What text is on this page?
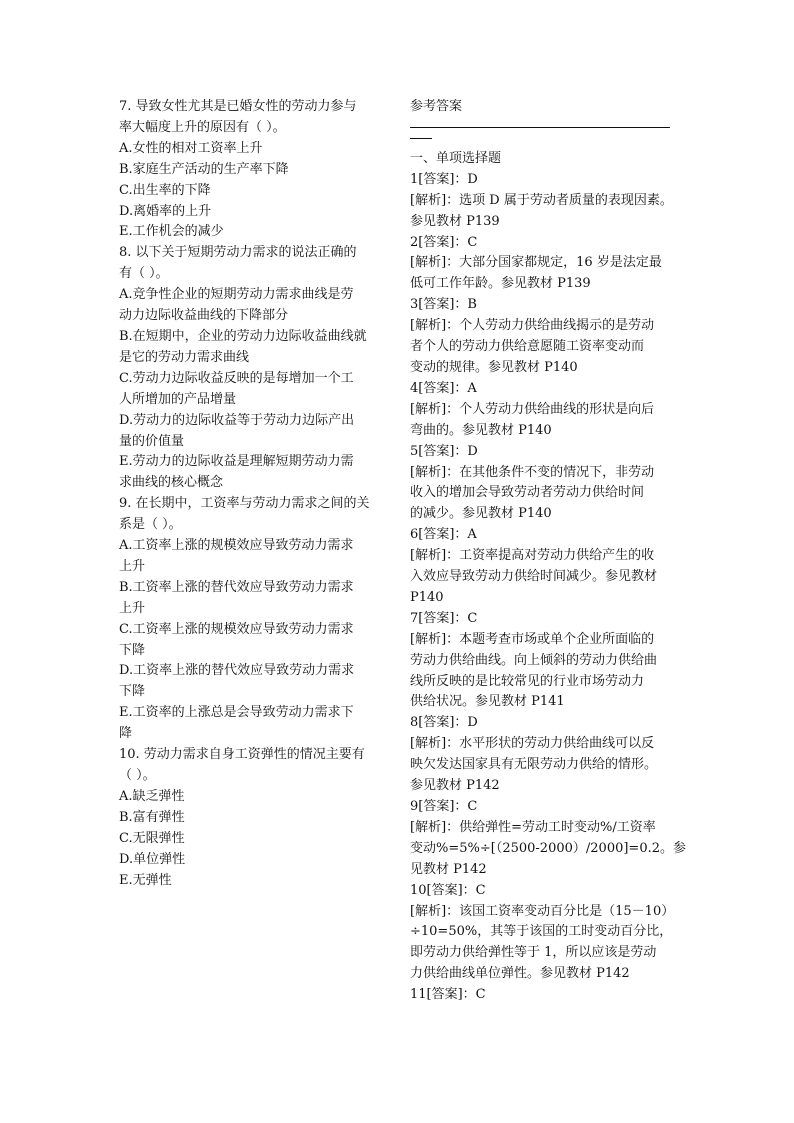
7. 导致女性尤其是已婚女性的劳动力参与
率大幅度上升的原因有（ ）。
A.女性的相对工资率上升
B.家庭生产活动的生产率下降
C.出生率的下降
D.离婚率的上升
E.工作机会的减少
8. 以下关于短期劳动力需求的说法正确的
有（ ）。
A.竞争性企业的短期劳动力需求曲线是劳
动力边际收益曲线的下降部分
B.在短期中，企业的劳动力边际收益曲线就
是它的劳动力需求曲线
C.劳动力边际收益反映的是每增加一个工
人所增加的产品增量
D.劳动力的边际收益等于劳动力边际产出
量的价值量
E.劳动力的边际收益是理解短期劳动力需
求曲线的核心概念
9. 在长期中，工资率与劳动力需求之间的关
系是（ ）。
A.工资率上涨的规模效应导致劳动力需求
上升
B.工资率上涨的替代效应导致劳动力需求
上升
C.工资率上涨的规模效应导致劳动力需求
下降
D.工资率上涨的替代效应导致劳动力需求
下降
E.工资率的上涨总是会导致劳动力需求下
降
10. 劳动力需求自身工资弹性的情况主要有
（ ）。
A.缺乏弹性
B.富有弹性
C.无限弹性
D.单位弹性
E.无弹性
参考答案
一、单项选择题
1[答案]：D
[解析]：选项 D 属于劳动者质量的表现因素。
参见教材 P139
2[答案]：C
[解析]：大部分国家都规定，16 岁是法定最
低可工作年龄。参见教材 P139
3[答案]：B
[解析]：个人劳动力供给曲线揭示的是劳动
者个人的劳动力供给意愿随工资率变动而
变动的规律。参见教材 P140
4[答案]：A
[解析]：个人劳动力供给曲线的形状是向后
弯曲的。参见教材 P140
5[答案]：D
[解析]：在其他条件不变的情况下，非劳动
收入的增加会导致劳动者劳动力供给时间
的减少。参见教材 P140
6[答案]：A
[解析]：工资率提高对劳动力供给产生的收
入效应导致劳动力供给时间减少。参见教材
P140
7[答案]：C
[解析]：本题考查市场或单个企业所面临的
劳动力供给曲线。向上倾斜的劳动力供给曲
线所反映的是比较常见的行业市场劳动力
供给状况。参见教材 P141
8[答案]：D
[解析]：水平形状的劳动力供给曲线可以反
映欠发达国家具有无限劳动力供给的情形。
参见教材 P142
9[答案]：C
[解析]：供给弹性=劳动工时变动%/工资率
变动%=5%÷[（2500-2000）/2000]=0.2。参
见教材 P142
10[答案]：C
[解析]：该国工资率变动百分比是（15－10）
÷10=50%，其等于该国的工时变动百分比，
即劳动力供给弹性等于 1，所以应该是劳动
力供给曲线单位弹性。参见教材 P142
11[答案]：C
